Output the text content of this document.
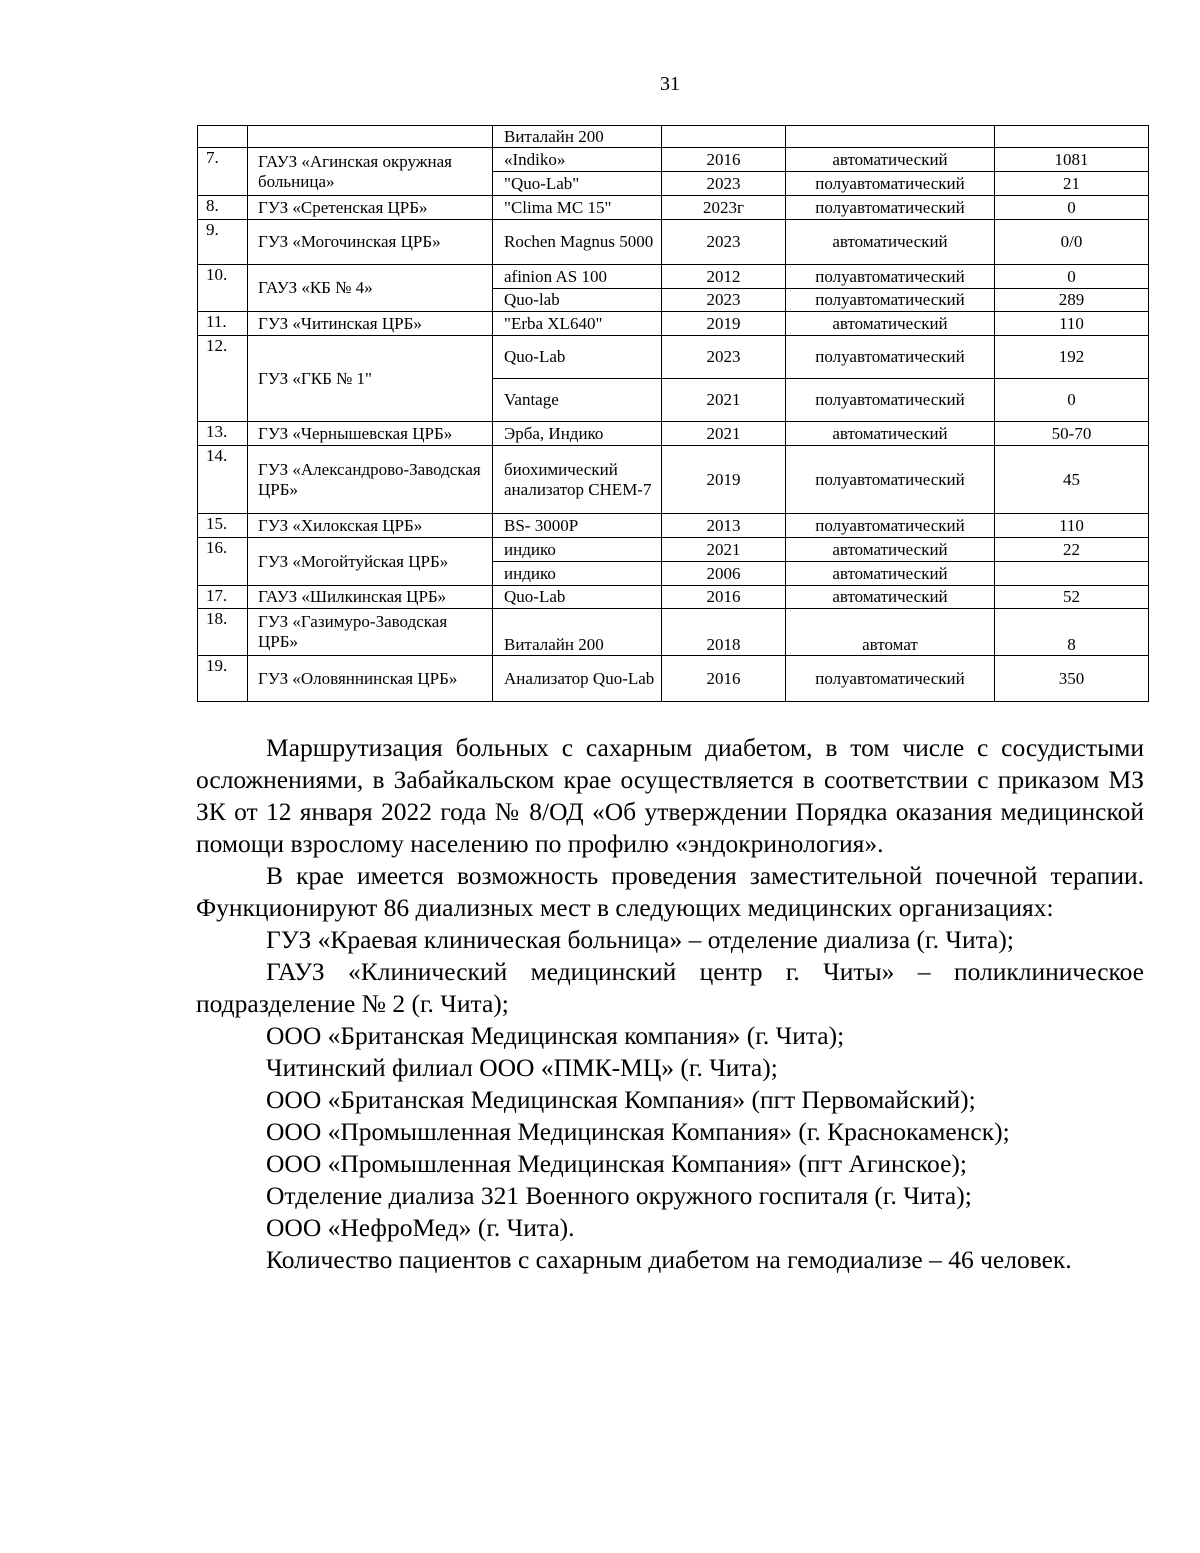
31
		Виталайн 200			
7.	ГАУЗ «Агинская окружная больница»	«Indiko»	2016	автоматический	1081
		"Quo-Lab"	2023	полуавтоматический	21
8.	ГУЗ «Сретенская ЦРБ»	"Clima MC 15"	2023г	полуавтоматический	0
9.	ГУЗ «Могочинская ЦРБ»	Rochen Magnus 5000	2023	автоматический	0/0
10.	ГАУЗ «КБ № 4»	afinion AS 100	2012	полуавтоматический	0
		Quo-lab	2023	полуавтоматический	289
11.	ГУЗ «Читинская ЦРБ»	"Erba XL640"	2019	автоматический	110
12.	ГУЗ «ГКБ № 1"	Quo-Lab	2023	полуавтоматический	192
		Vantage	2021	полуавтоматический	0
13.	ГУЗ «Чернышевская ЦРБ»	Эрба, Индико	2021	автоматический	50-70
14.	ГУЗ «Александрово-Заводская ЦРБ»	биохимический анализатор CHEM-7	2019	полуавтоматический	45
15.	ГУЗ «Хилокская ЦРБ»	BS- 3000P	2013	полуавтоматический	110
16.	ГУЗ «Могойтуйская ЦРБ»	индико	2021	автоматический	22
		индико	2006	автоматический	
17.	ГАУЗ «Шилкинская ЦРБ»	Quo-Lab	2016	автоматический	52
18.	ГУЗ «Газимуро-Заводская ЦРБ»	Виталайн 200	2018	автомат	8
19.	ГУЗ «Оловяннинская ЦРБ»	Анализатор Quo-Lab	2016	полуавтоматический	350

Маршрутизация больных с сахарным диабетом, в том числе с сосудистыми осложнениями, в Забайкальском крае осуществляется в соответствии с приказом МЗ ЗК от 12 января 2022 года № 8/ОД «Об утверждении Порядка оказания медицинской помощи взрослому населению по профилю «эндокринология».

В крае имеется возможность проведения заместительной почечной терапии. Функционируют 86 диализных мест в следующих медицинских организациях:

ГУЗ «Краевая клиническая больница» – отделение диализа (г. Чита);

ГАУЗ «Клинический медицинский центр г. Читы» – поликлиническое подразделение № 2 (г. Чита);

ООО «Британская Медицинская компания» (г. Чита);

Читинский филиал ООО «ПМК-МЦ» (г. Чита);

ООО «Британская Медицинская Компания» (пгт Первомайский);

ООО «Промышленная Медицинская Компания» (г. Краснокаменск);

ООО «Промышленная Медицинская Компания» (пгт Агинское);

Отделение диализа 321 Военного окружного госпиталя (г. Чита);

ООО «НефроМед» (г. Чита).

Количество пациентов с сахарным диабетом на гемодиализе – 46 человек.
